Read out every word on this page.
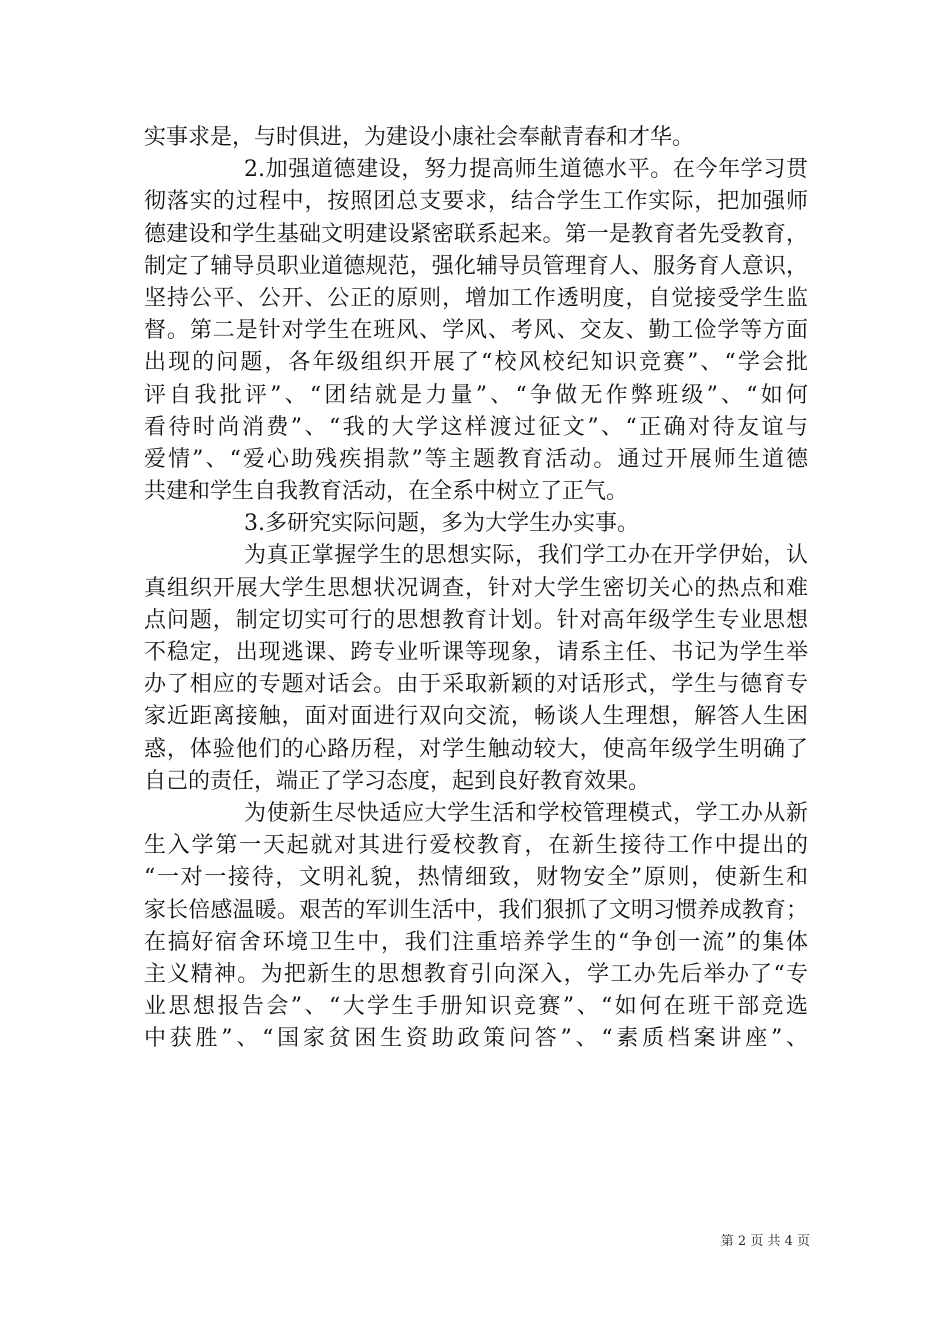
实事求是，与时俱进，为建设小康社会奉献青春和才华。
2.加强道德建设，努力提高师生道德水平。在今年学习贯
彻落实的过程中，按照团总支要求，结合学生工作实际，把加强师
德建设和学生基础文明建设紧密联系起来。第一是教育者先受教育，
制定了辅导员职业道德规范，强化辅导员管理育人、服务育人意识，
坚持公平、公开、公正的原则，增加工作透明度，自觉接受学生监
督。第二是针对学生在班风、学风、考风、交友、勤工俭学等方面
出现的问题，各年级组织开展了“校风校纪知识竞赛”、“学会批
评自我批评”、“团结就是力量”、“争做无作弊班级”、“如何
看待时尚消费”、“我的大学这样渡过征文”、“正确对待友谊与
爱情”、“爱心助残疾捐款”等主题教育活动。通过开展师生道德
共建和学生自我教育活动，在全系中树立了正气。
3.多研究实际问题，多为大学生办实事。
为真正掌握学生的思想实际，我们学工办在开学伊始，认
真组织开展大学生思想状况调查，针对大学生密切关心的热点和难
点问题，制定切实可行的思想教育计划。针对高年级学生专业思想
不稳定，出现逃课、跨专业听课等现象，请系主任、书记为学生举
办了相应的专题对话会。由于采取新颖的对话形式，学生与德育专
家近距离接触，面对面进行双向交流，畅谈人生理想，解答人生困
惑，体验他们的心路历程，对学生触动较大，使高年级学生明确了
自己的责任，端正了学习态度，起到良好教育效果。
为使新生尽快适应大学生活和学校管理模式，学工办从新
生入学第一天起就对其进行爱校教育，在新生接待工作中提出的
“一对一接待，文明礼貌，热情细致，财物安全”原则，使新生和
家长倍感温暖。艰苦的军训生活中，我们狠抓了文明习惯养成教育；
在搞好宿舍环境卫生中，我们注重培养学生的“争创一流”的集体
主义精神。为把新生的思想教育引向深入，学工办先后举办了“专
业思想报告会”、“大学生手册知识竞赛”、“如何在班干部竞选
中获胜”、“国家贫困生资助政策问答”、“素质档案讲座”、
第 2 页 共 4 页
